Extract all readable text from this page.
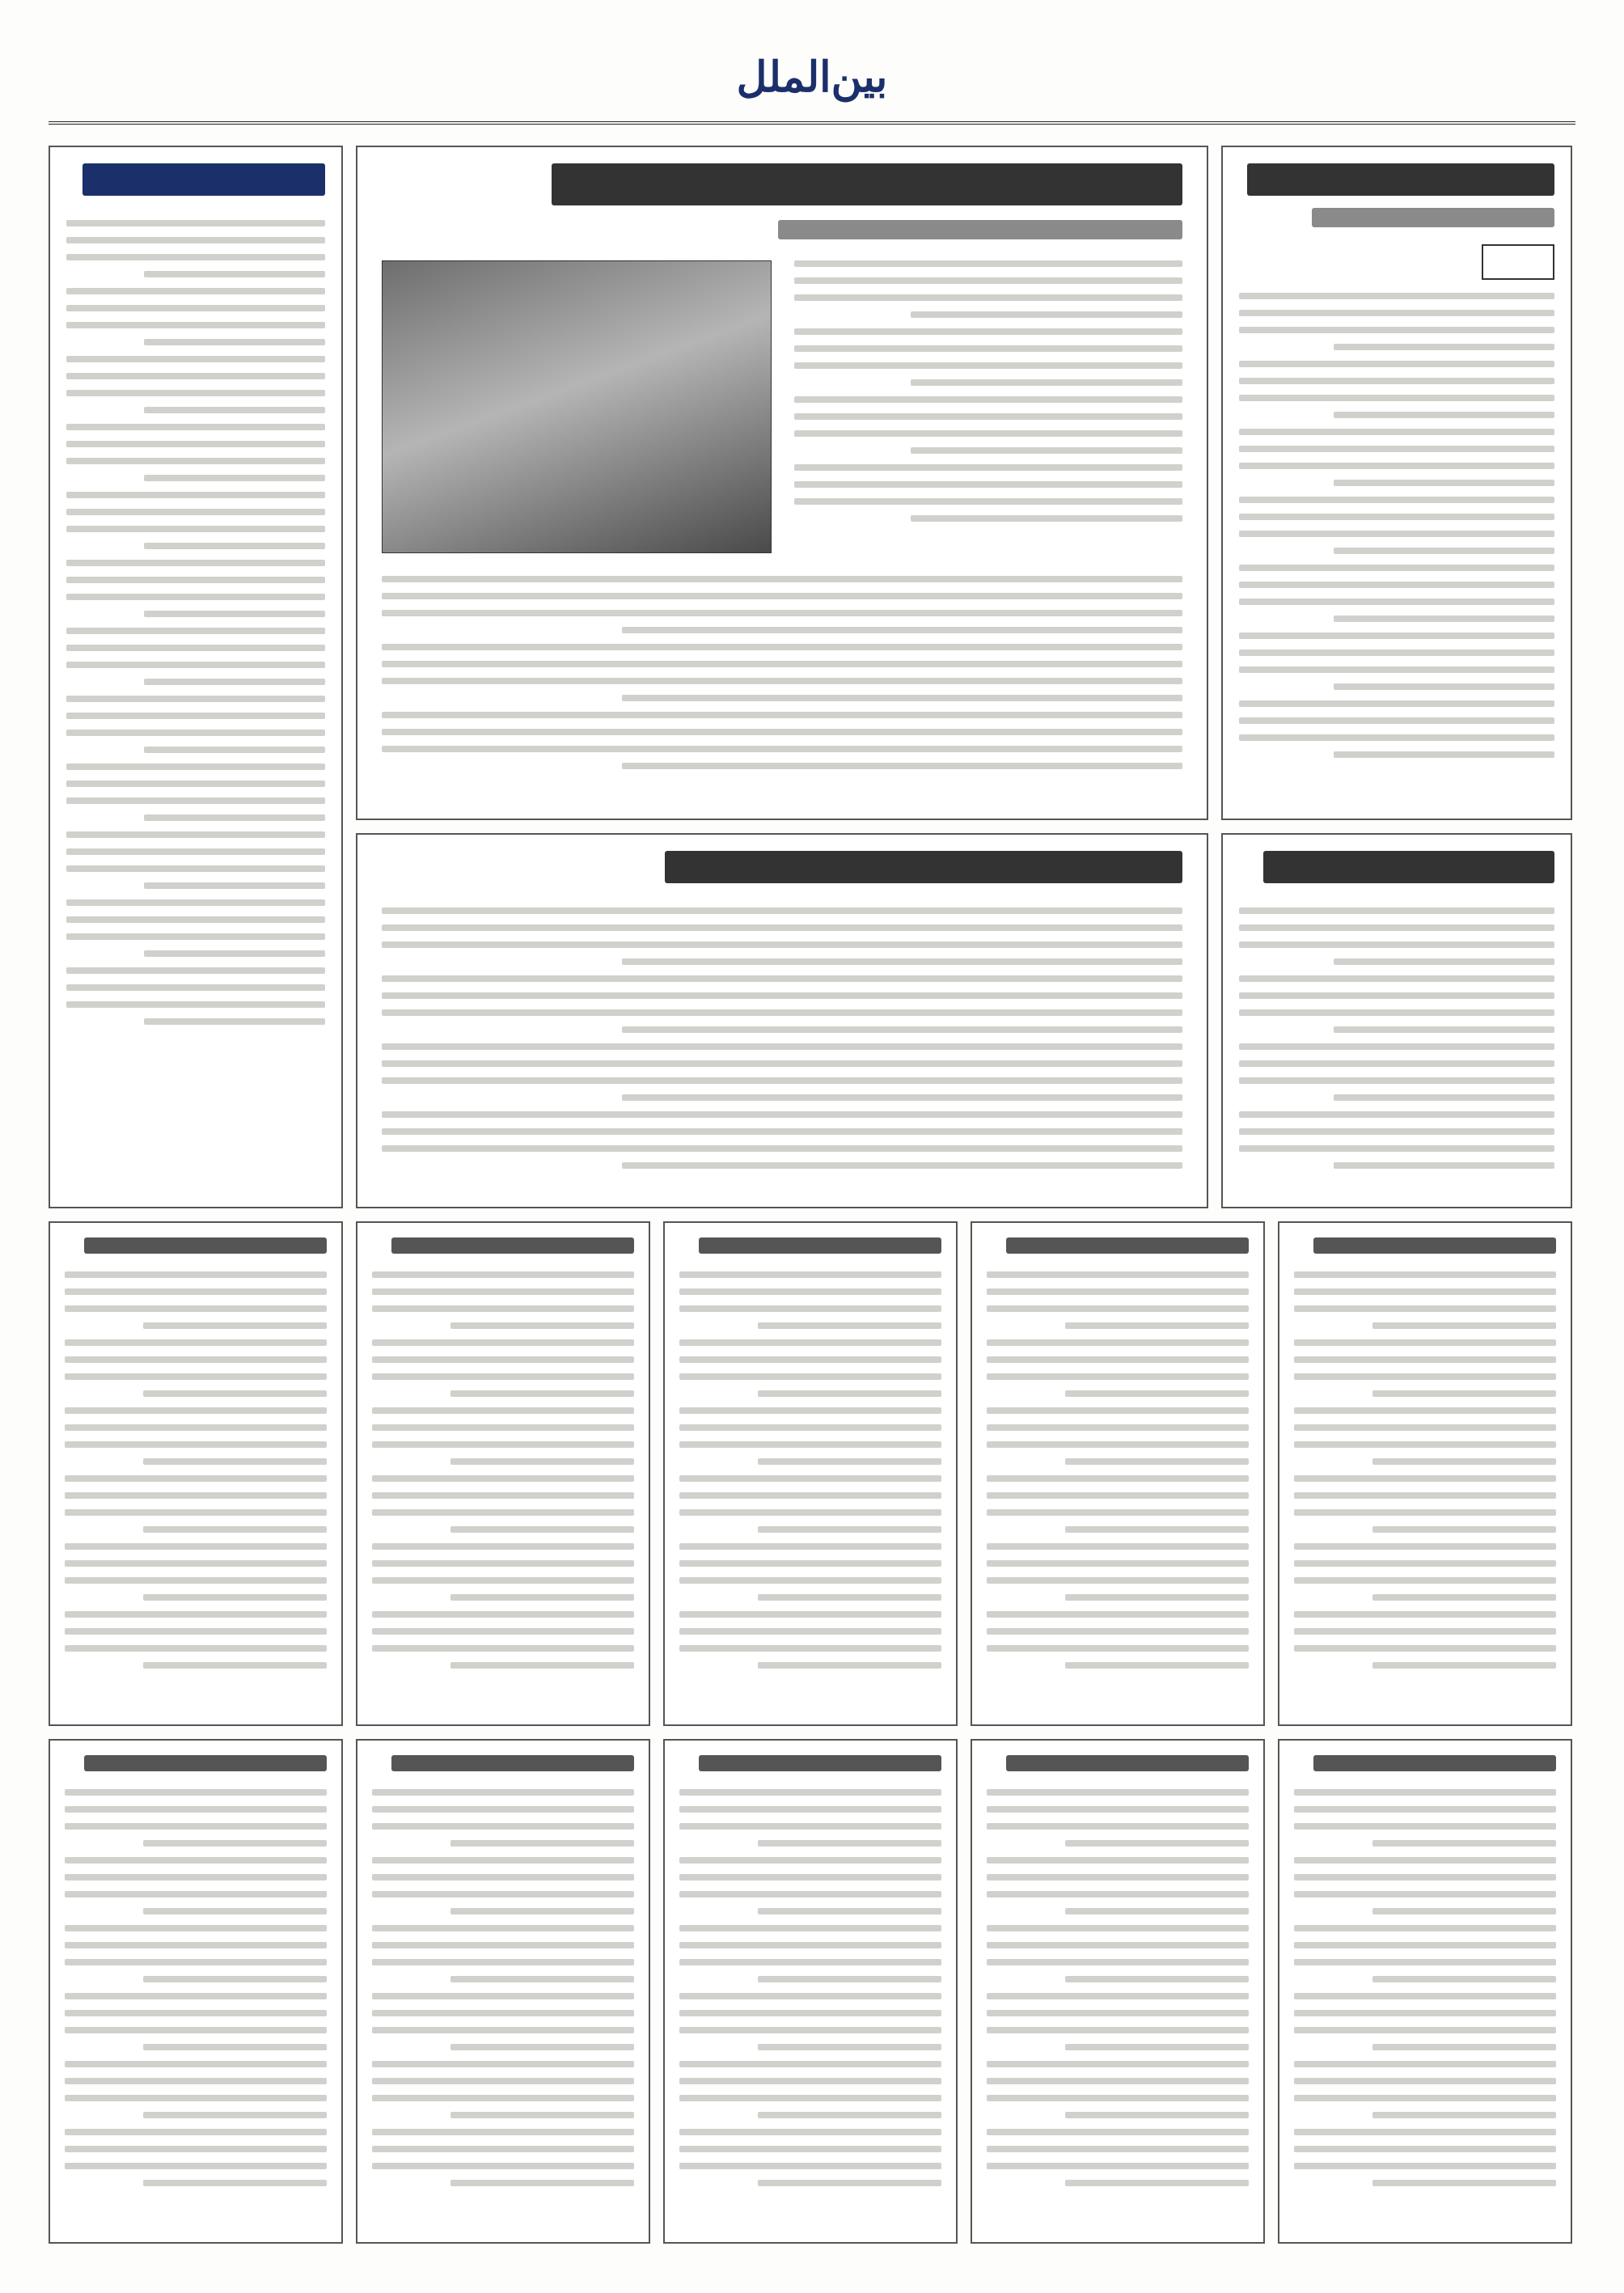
بین‌الملل
